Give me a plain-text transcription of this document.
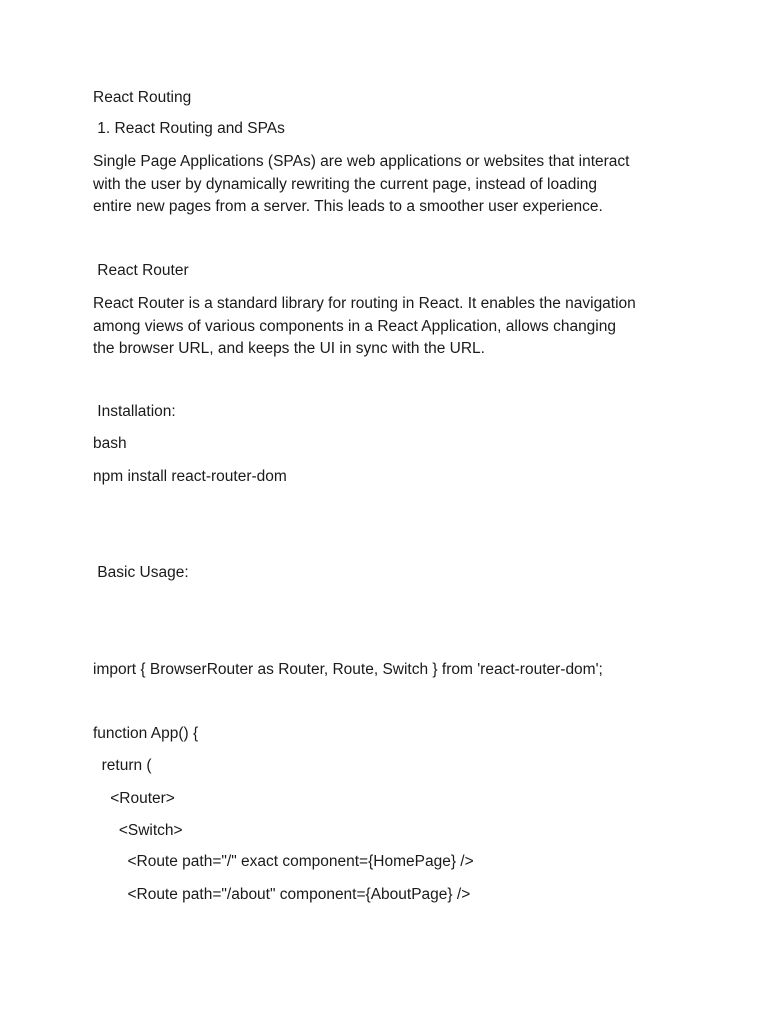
React Routing

1. React Routing and SPAs

Single Page Applications (SPAs) are web applications or websites that interact
with the user by dynamically rewriting the current page, instead of loading
entire new pages from a server. This leads to a smoother user experience.

React Router

React Router is a standard library for routing in React. It enables the navigation
among views of various components in a React Application, allows changing
the browser URL, and keeps the UI in sync with the URL.

Installation:

bash

npm install react-router-dom

Basic Usage:

import { BrowserRouter as Router, Route, Switch } from 'react-router-dom';

function App() {

return (

<Router>

<Switch>

<Route path="/" exact component={HomePage} />

<Route path="/about" component={AboutPage} />
